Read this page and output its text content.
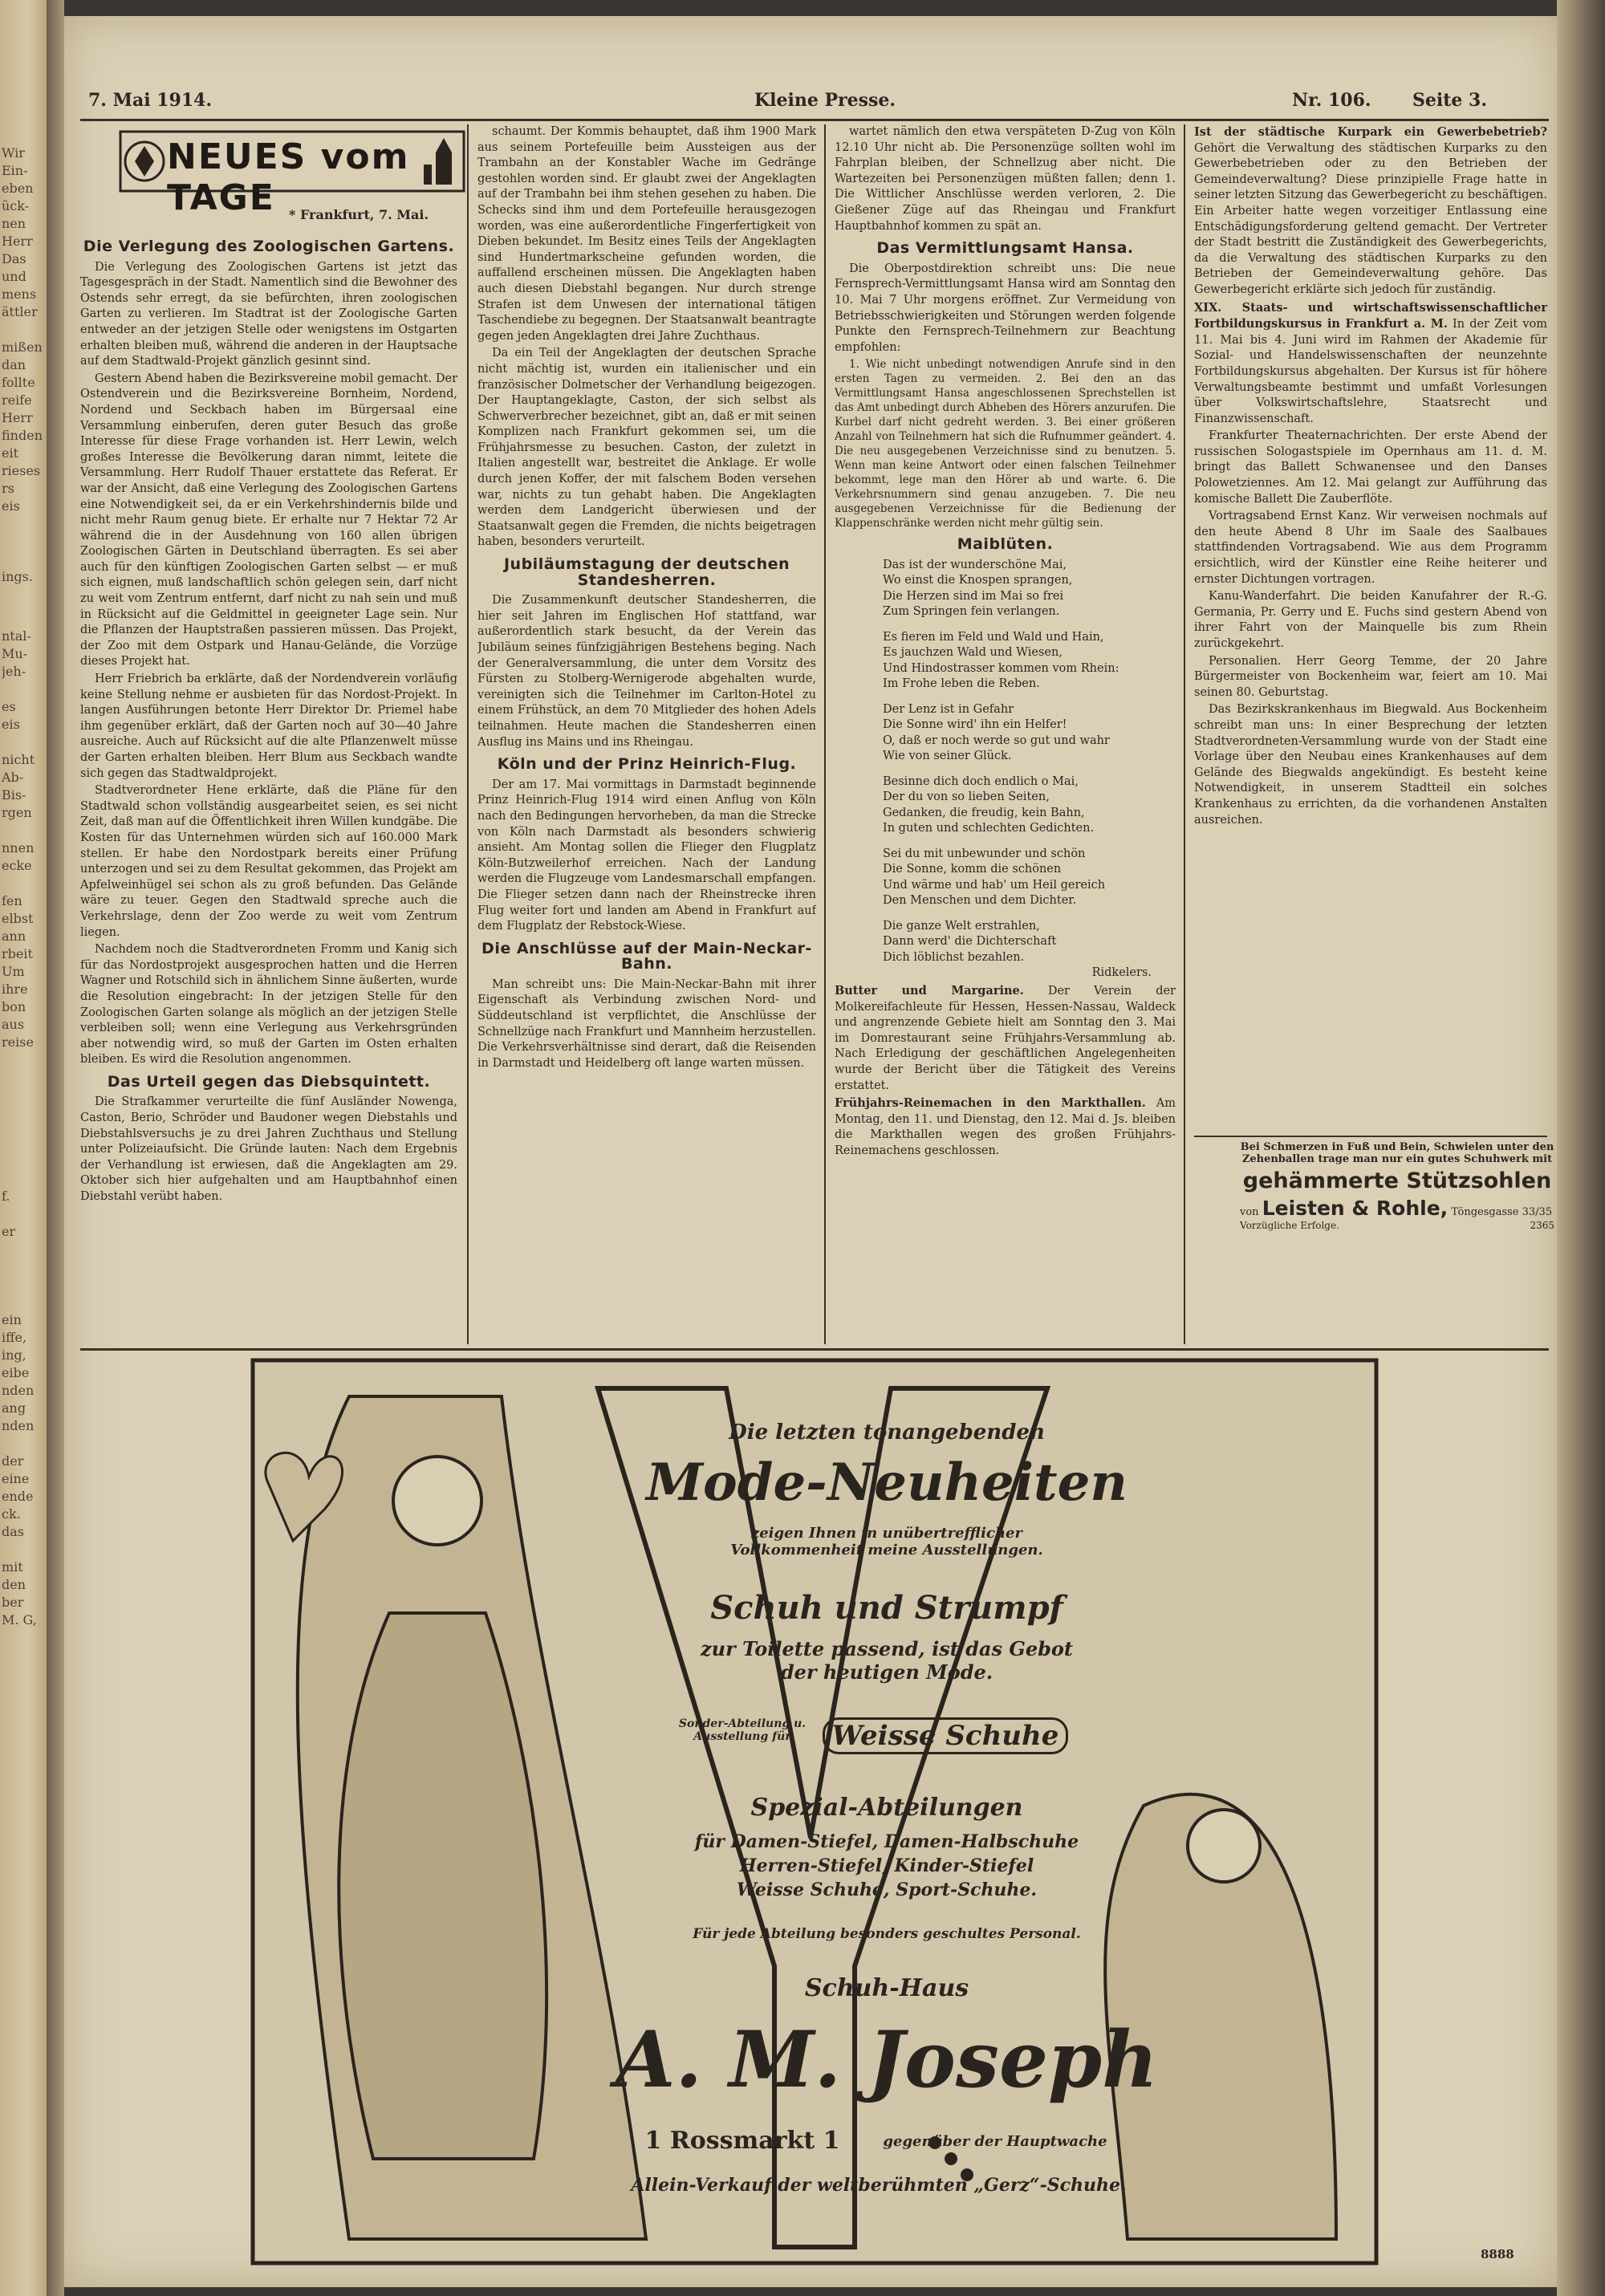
Wir
Ein-
eben
ück-
nen
Herr
Das
und
mens
ättler

mißen
dan
follte
reife
Herr
finden
eit
rieses
rs
eis

ings.

ntal-
Mu-
jeh-

es
eis

nicht
Ab-
Bis-
rgen

nnen
ecke

fen
elbst
ann
rbeit
Um
ihre
bon
aus
reise
f.

er

ein
iffe,
ing,
eibe
nden
ang
nden

der
eine
ende
ck.
das

mit
den
ber
M. G,
7. Mai 1914.	Kleine Presse.	Nr. 106. Seite 3.
NEUES vom TAGE	* Frankfurt, 7. Mai.
Die Verlegung des Zoologischen Gartens.

Die Verlegung des Zoologischen Gartens ist jetzt das Tagesgespräch in der Stadt. Namentlich sind die Bewohner des Ostends sehr erregt, da sie befürchten, ihren zoologischen Garten zu verlieren. Im Stadtrat ist der Zoologische Garten entweder an der jetzigen Stelle oder wenigstens im Ostgarten erhalten bleiben muß, während die anderen in der Hauptsache auf dem Stadtwald-Projekt gänzlich gesinnt sind.

Gestern Abend haben die Bezirksvereine mobil gemacht. Der Ostendverein und die Bezirksvereine Bornheim, Nordend, Nordend und Seckbach haben im Bürgersaal eine Versammlung einberufen, deren guter Besuch das große Interesse für diese Frage vorhanden ist. Herr Lewin, welch großes Interesse die Bevölkerung daran nimmt, leitete die Versammlung. Herr Rudolf Thauer erstattete das Referat. Er war der Ansicht, daß eine Verlegung des Zoologischen Gartens eine Notwendigkeit sei, da er ein Verkehrshindernis bilde und nicht mehr Raum genug biete. Er erhalte nur 7 Hektar 72 Ar während die in der Ausdehnung von 160 allen übrigen Zoologischen Gärten in Deutschland überragten. Es sei aber auch für den künftigen Zoologischen Garten selbst — er muß sich eignen, muß landschaftlich schön gelegen sein, darf nicht zu weit vom Zentrum entfernt, darf nicht zu nah sein und muß in Rücksicht auf die Geldmittel in geeigneter Lage sein. Nur die Pflanzen der Hauptstraßen passieren müssen. Das Projekt, der Zoo mit dem Ostpark und Hanau-Gelände, die Vorzüge dieses Projekt hat.

Herr Friebrich ba erklärte, daß der Nordendverein vorläufig keine Stellung nehme er ausbieten für das Nordost-Projekt. In langen Ausführungen betonte Herr Direktor Dr. Priemel habe ihm gegenüber erklärt, daß der Garten noch auf 30—40 Jahre ausreiche. Auch auf Rücksicht auf die alte Pflanzenwelt müsse der Garten erhalten bleiben. Herr Blum aus Seckbach wandte sich gegen das Stadtwaldprojekt.

Stadtverordneter Hene erklärte, daß die Pläne für den Stadtwald schon vollständig ausgearbeitet seien, es sei nicht Zeit, daß man auf die Öffentlichkeit ihren Willen kundgäbe. Die Kosten für das Unternehmen würden sich auf 160.000 Mark stellen. Er habe den Nordostpark bereits einer Prüfung unterzogen und sei zu dem Resultat gekommen, das Projekt am Apfelweinhügel sei schon als zu groß befunden. Das Gelände wäre zu teuer. Gegen den Stadtwald spreche auch die Verkehrslage, denn der Zoo werde zu weit vom Zentrum liegen.

Nachdem noch die Stadtverordneten Fromm und Kanig sich für das Nordostprojekt ausgesprochen hatten und die Herren Wagner und Rotschild sich in ähnlichem Sinne äußerten, wurde die Resolution eingebracht: In der jetzigen Stelle für den Zoologischen Garten solange als möglich an der jetzigen Stelle verbleiben soll; wenn eine Verlegung aus Verkehrsgründen aber notwendig wird, so muß der Garten im Osten erhalten bleiben. Es wird die Resolution angenommen.

Das Urteil gegen das Diebsquintett.

Die Strafkammer verurteilte die fünf Ausländer Nowenga, Caston, Berio, Schröder und Baudoner wegen Diebstahls und Diebstahlsversuchs je zu drei Jahren Zuchthaus und Stellung unter Polizeiaufsicht. Die Gründe lauten: Nach dem Ergebnis der Verhandlung ist erwiesen, daß die Angeklagten am 29. Oktober sich hier aufgehalten und am Hauptbahnhof einen Diebstahl verübt haben.

schaumt. Der Kommis behauptet, daß ihm 1900 Mark aus seinem Portefeuille beim Aussteigen aus der Trambahn an der Konstabler Wache im Gedränge gestohlen worden sind. Er glaubt zwei der Angeklagten auf der Trambahn bei ihm stehen gesehen zu haben. Die Schecks sind ihm und dem Portefeuille herausgezogen worden, was eine außerordentliche Fingerfertigkeit von Dieben bekundet. Im Besitz eines Teils der Angeklagten sind Hundertmarkscheine gefunden worden, die auffallend erscheinen müssen. Die Angeklagten haben auch diesen Diebstahl begangen. Nur durch strenge Strafen ist dem Unwesen der international tätigen Taschendiebe zu begegnen. Der Staatsanwalt beantragte gegen jeden Angeklagten drei Jahre Zuchthaus.

Da ein Teil der Angeklagten der deutschen Sprache nicht mächtig ist, wurden ein italienischer und ein französischer Dolmetscher der Verhandlung beigezogen. Der Hauptangeklagte, Caston, der sich selbst als Schwerverbrecher bezeichnet, gibt an, daß er mit seinen Komplizen nach Frankfurt gekommen sei, um die Frühjahrsmesse zu besuchen. Caston, der zuletzt in Italien angestellt war, bestreitet die Anklage. Er wolle durch jenen Koffer, der mit falschem Boden versehen war, nichts zu tun gehabt haben. Die Angeklagten werden dem Landgericht überwiesen und der Staatsanwalt gegen die Fremden, die nichts beigetragen haben, besonders verurteilt.

Jubiläumstagung der deutschen Standesherren.

Die Zusammenkunft deutscher Standesherren, die hier seit Jahren im Englischen Hof stattfand, war außerordentlich stark besucht, da der Verein das Jubiläum seines fünfzigjährigen Bestehens beging. Nach der Generalversammlung, die unter dem Vorsitz des Fürsten zu Stolberg-Wernigerode abgehalten wurde, vereinigten sich die Teilnehmer im Carlton-Hotel zu einem Frühstück, an dem 70 Mitglieder des hohen Adels teilnahmen. Heute machen die Standesherren einen Ausflug ins Mains und ins Rheingau.

Köln und der Prinz Heinrich-Flug.

Der am 17. Mai vormittags in Darmstadt beginnende Prinz Heinrich-Flug 1914 wird einen Anflug von Köln nach den Bedingungen hervorheben, da man die Strecke von Köln nach Darmstadt als besonders schwierig ansieht. Am Montag sollen die Flieger den Flugplatz Köln-Butzweilerhof erreichen. Nach der Landung werden die Flugzeuge vom Landesmarschall empfangen. Die Flieger setzen dann nach der Rheinstrecke ihren Flug weiter fort und landen am Abend in Frankfurt auf dem Flugplatz der Rebstock-Wiese.

Die Anschlüsse auf der Main-Neckar-Bahn.

Man schreibt uns: Die Main-Neckar-Bahn mit ihrer Eigenschaft als Verbindung zwischen Nord- und Süddeutschland ist verpflichtet, die Anschlüsse der Schnellzüge nach Frankfurt und Mannheim herzustellen. Die Verkehrsverhältnisse sind derart, daß die Reisenden in Darmstadt und Heidelberg oft lange warten müssen.

wartet nämlich den etwa verspäteten D-Zug von Köln 12.10 Uhr nicht ab. Die Personenzüge sollten wohl im Fahrplan bleiben, der Schnellzug aber nicht. Die Wartezeiten bei Personenzügen müßten fallen; denn 1. Die Wittlicher Anschlüsse werden verloren, 2. Die Gießener Züge auf das Rheingau und Frankfurt Hauptbahnhof kommen zu spät an.

Das Vermittlungsamt Hansa.

Die Oberpostdirektion schreibt uns: Die neue Fernsprech-Vermittlungsamt Hansa wird am Sonntag den 10. Mai 7 Uhr morgens eröffnet. Zur Vermeidung von Betriebsschwierigkeiten und Störungen werden folgende Punkte den Fernsprech-Teilnehmern zur Beachtung empfohlen:

1. Wie nicht unbedingt notwendigen Anrufe sind in den ersten Tagen zu vermeiden. 2. Bei den an das Vermittlungsamt Hansa angeschlossenen Sprechstellen ist das Amt unbedingt durch Abheben des Hörers anzurufen. Die Kurbel darf nicht gedreht werden. 3. Bei einer größeren Anzahl von Teilnehmern hat sich die Rufnummer geändert. 4. Die neu ausgegebenen Verzeichnisse sind zu benutzen. 5. Wenn man keine Antwort oder einen falschen Teilnehmer bekommt, lege man den Hörer ab und warte. 6. Die Verkehrsnummern sind genau anzugeben. 7. Die neu ausgegebenen Verzeichnisse für die Bedienung der Klappenschränke werden nicht mehr gültig sein.

Maiblüten.

Das ist der wunderschöne Mai,

Wo einst die Knospen sprangen,

Die Herzen sind im Mai so frei

Zum Springen fein verlangen.

Es fieren im Feld und Wald und Hain,

Es jauchzen Wald und Wiesen,

Und Hindostrasser kommen vom Rhein:

Im Frohe leben die Reben.

Der Lenz ist in Gefahr

Die Sonne wird' ihn ein Helfer!

O, daß er noch werde so gut und wahr

Wie von seiner Glück.

Besinne dich doch endlich o Mai,

Der du von so lieben Seiten,

Gedanken, die freudig, kein Bahn,

In guten und schlechten Gedichten.

Sei du mit unbewunder und schön

Die Sonne, komm die schönen

Und wärme und hab' um Heil gereich

Den Menschen und dem Dichter.

Die ganze Welt erstrahlen,

Dann werd' die Dichterschaft

Dich löblichst bezahlen.

Ridkelers.

Butter und Margarine. Der Verein der Molkereifachleute für Hessen, Hessen-Nassau, Waldeck und angrenzende Gebiete hielt am Sonntag den 3. Mai im Domrestaurant seine Frühjahrs-Versammlung ab. Nach Erledigung der geschäftlichen Angelegenheiten wurde der Bericht über die Tätigkeit des Vereins erstattet.

Frühjahrs-Reinemachen in den Markthallen. Am Montag, den 11. und Dienstag, den 12. Mai d. Js. bleiben die Markthallen wegen des großen Frühjahrs-Reinemachens geschlossen.

Ist der städtische Kurpark ein Gewerbebetrieb? Gehört die Verwaltung des städtischen Kurparks zu den Gewerbebetrieben oder zu den Betrieben der Gemeindeverwaltung? Diese prinzipielle Frage hatte in seiner letzten Sitzung das Gewerbegericht zu beschäftigen. Ein Arbeiter hatte wegen vorzeitiger Entlassung eine Entschädigungsforderung geltend gemacht. Der Vertreter der Stadt bestritt die Zuständigkeit des Gewerbegerichts, da die Verwaltung des städtischen Kurparks zu den Betrieben der Gemeindeverwaltung gehöre. Das Gewerbegericht erklärte sich jedoch für zuständig.

XIX. Staats- und wirtschaftswissenschaftlicher Fortbildungskursus in Frankfurt a. M. In der Zeit vom 11. Mai bis 4. Juni wird im Rahmen der Akademie für Sozial- und Handelswissenschaften der neunzehnte Fortbildungskursus abgehalten. Der Kursus ist für höhere Verwaltungsbeamte bestimmt und umfaßt Vorlesungen über Volkswirtschaftslehre, Staatsrecht und Finanzwissenschaft.

Frankfurter Theaternachrichten. Der erste Abend der russischen Sologastspiele im Opernhaus am 11. d. M. bringt das Ballett Schwanensee und den Danses Polowetziennes. Am 12. Mai gelangt zur Aufführung das komische Ballett Die Zauberflöte.

Vortragsabend Ernst Kanz. Wir verweisen nochmals auf den heute Abend 8 Uhr im Saale des Saalbaues stattfindenden Vortragsabend. Wie aus dem Programm ersichtlich, wird der Künstler eine Reihe heiterer und ernster Dichtungen vortragen.

Kanu-Wanderfahrt. Die beiden Kanufahrer der R.-G. Germania, Pr. Gerry und E. Fuchs sind gestern Abend von ihrer Fahrt von der Mainquelle bis zum Rhein zurückgekehrt.

Personalien. Herr Georg Temme, der 20 Jahre Bürgermeister von Bockenheim war, feiert am 10. Mai seinen 80. Geburtstag.

Das Bezirkskrankenhaus im Biegwald. Aus Bockenheim schreibt man uns: In einer Besprechung der letzten Stadtverordneten-Versammlung wurde von der Stadt eine Vorlage über den Neubau eines Krankenhauses auf dem Gelände des Biegwalds angekündigt. Es besteht keine Notwendigkeit, in unserem Stadtteil ein solches Krankenhaus zu errichten, da die vorhandenen Anstalten ausreichen.

Bei Schmerzen in Fuß und Bein, Schwielen unter den Zehenballen trage man nur ein gutes Schuhwerk mit
gehämmerte Stützsohlen
von Leisten & Rohle, Töngesgasse 33/35
Vorzügliche Erfolge.	2365
Die letzten tonangebenden
Mode-Neuheiten
zeigen Ihnen in unübertrefflicher Vollkommenheit meine Ausstellungen.
Schuh und Strumpf
zur Toilette passend, ist das Gebot der heutigen Mode.
Sonder-Abteilung u. Ausstellung für	Weisse Schuhe
Spezial-Abteilungen
für Damen-Stiefel, Damen-Halbschuhe
Herren-Stiefel, Kinder-Stiefel
Weisse Schuhe, Sport-Schuhe.
Für jede Abteilung besonders geschultes Personal.
Schuh-Haus
A. M. Joseph
1 Rossmarkt 1	gegenüber der Hauptwache
Allein-Verkauf der weltberühmten „Gerz“-Schuhe.
8888
